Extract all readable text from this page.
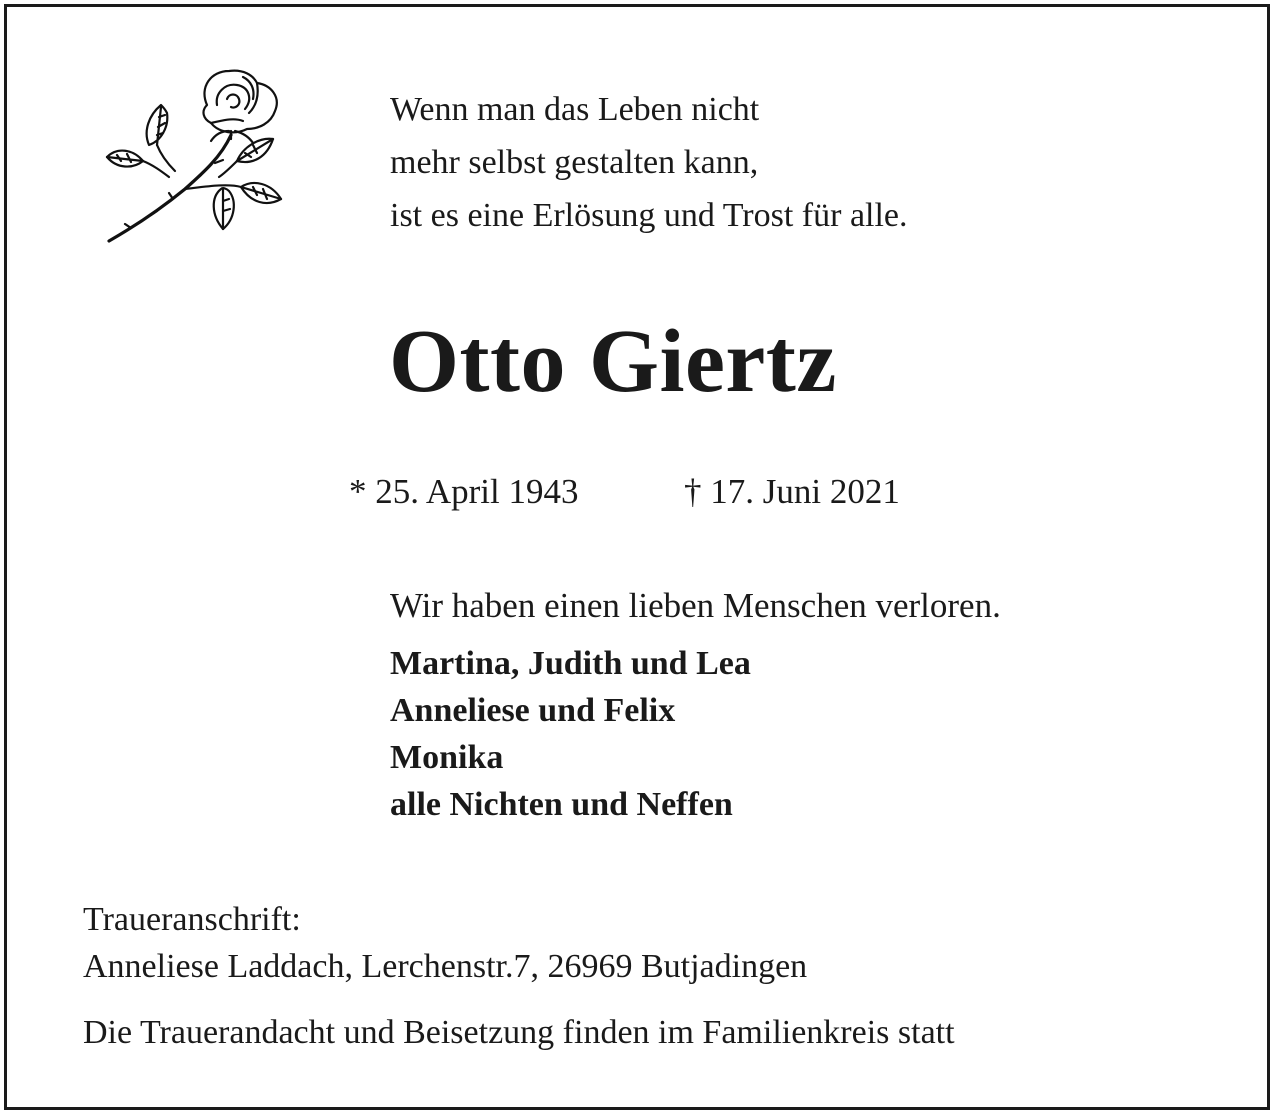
Wenn man das Leben nicht
mehr selbst gestalten kann,
ist es eine Erlösung und Trost für alle.
Otto Giertz
* 25. April 1943	† 17. Juni 2021
Wir haben einen lieben Menschen verloren.
Martina, Judith und Lea
Anneliese und Felix
Monika
alle Nichten und Neffen
Traueranschrift:
Anneliese Laddach, Lerchenstr.7, 26969 Butjadingen
Die Trauerandacht und Beisetzung finden im Familienkreis statt
